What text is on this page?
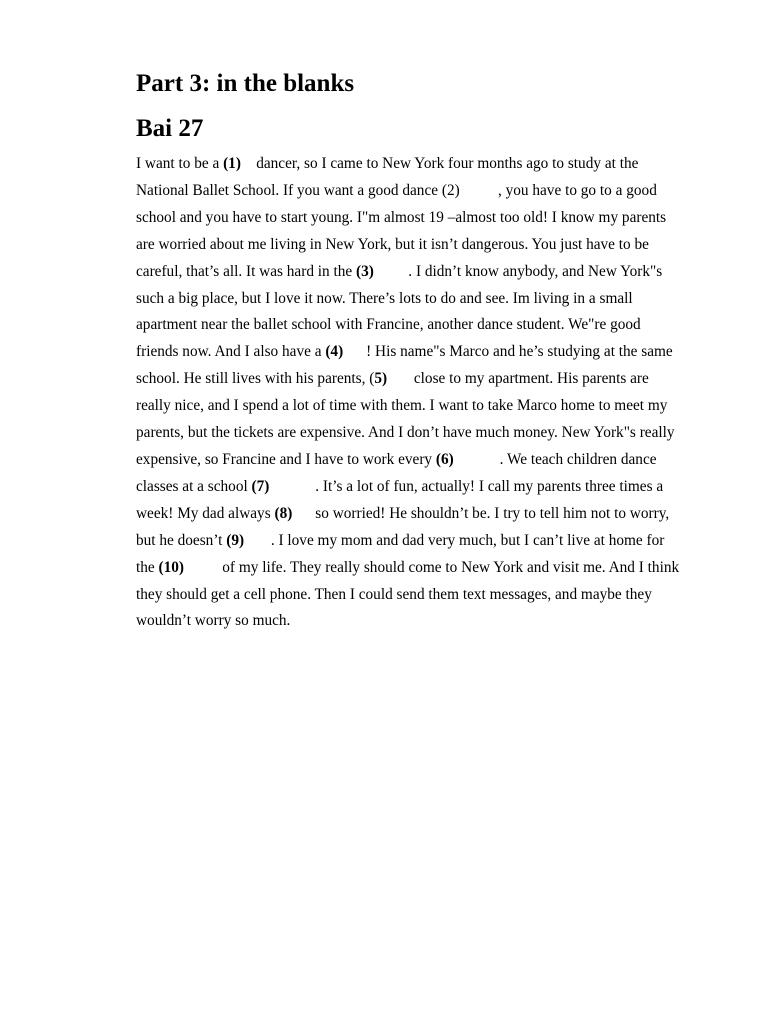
Part 3: in the blanks
Bai 27
I want to be a (1)    dancer, so I came to New York four months ago to study at the
National Ballet School. If you want a good dance (2)          , you have to go to a good
school and you have to start young. I"m almost 19 –almost too old! I know my parents
are worried about me living in New York, but it isn’t dangerous. You just have to be
careful, that’s all. It was hard in the (3)         . I didn’t know anybody, and New York"s
such a big place, but I love it now. There’s lots to do and see. Im living in a small
apartment near the ballet school with Francine, another dance student. We"re good
friends now. And I also have a (4)      ! His name"s Marco and he’s studying at the same
school. He still lives with his parents, (5)       close to my apartment. His parents are
really nice, and I spend a lot of time with them. I want to take Marco home to meet my
parents, but the tickets are expensive. And I don’t have much money. New York"s really
expensive, so Francine and I have to work every (6)            . We teach children dance
classes at a school (7)            . It’s a lot of fun, actually! I call my parents three times a
week! My dad always (8)      so worried! He shouldn’t be. I try to tell him not to worry,
but he doesn’t (9)       . I love my mom and dad very much, but I can’t live at home for
the (10)          of my life. They really should come to New York and visit me. And I think
they should get a cell phone. Then I could send them text messages, and maybe they
wouldn’t worry so much.
